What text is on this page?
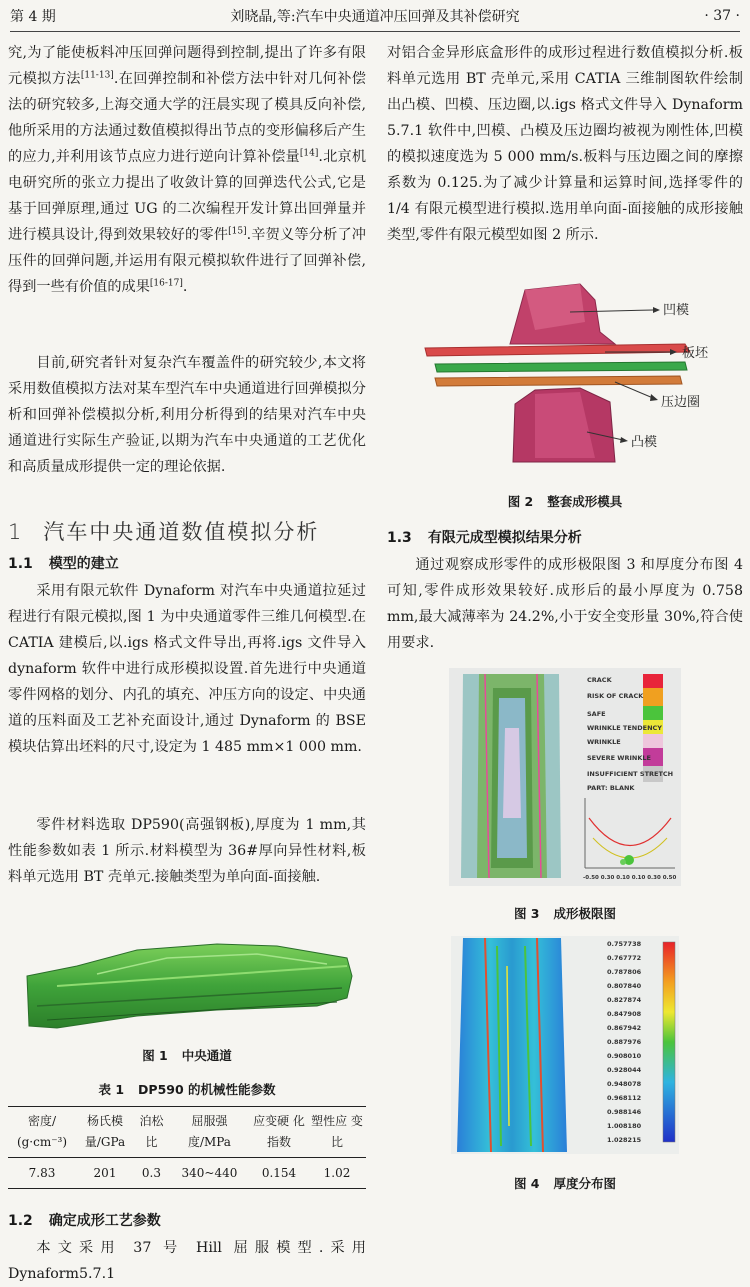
第 4 期	刘晓晶,等:汽车中央通道冲压回弹及其补偿研究	· 37 ·

究,为了能使板料冲压回弹问题得到控制,提出了许多有限元模拟方法[11-13].在回弹控制和补偿方法中针对几何补偿法的研究较多,上海交通大学的汪晨实现了模具反向补偿,他所采用的方法通过数值模拟得出节点的变形偏移后产生的应力,并利用该节点应力进行逆向计算补偿量[14].北京机电研究所的张立力提出了收敛计算的回弹迭代公式,它是基于回弹原理,通过 UG 的二次编程开发计算出回弹量并进行模具设计,得到效果较好的零件[15].辛贺义等分析了冲压件的回弹问题,并运用有限元模拟软件进行了回弹补偿,得到一些有价值的成果[16-17].

目前,研究者针对复杂汽车覆盖件的研究较少,本文将采用数值模拟方法对某车型汽车中央通道进行回弹模拟分析和回弹补偿模拟分析,利用分析得到的结果对汽车中央通道进行实际生产验证,以期为汽车中央通道的工艺优化和高质量成形提供一定的理论依据.

1 汽车中央通道数值模拟分析
1.1 模型的建立

采用有限元软件 Dynaform 对汽车中央通道拉延过程进行有限元模拟,图 1 为中央通道零件三维几何模型.在 CATIA 建模后,以.igs 格式文件导出,再将.igs 文件导入 dynaform 软件中进行成形模拟设置.首先进行中央通道零件网格的划分、内孔的填充、冲压方向的设定、中央通道的压料面及工艺补充面设计,通过 Dynaform 的 BSE 模块估算出坯料的尺寸,设定为 1 485 mm×1 000 mm.

零件材料选取 DP590(高强钢板),厚度为 1 mm,其性能参数如表 1 所示.材料模型为 36#厚向异性材料,板料单元选用 BT 壳单元.接触类型为单向面-面接触.

图 1 中央通道
表 1 DP590 的机械性能参数
密度/ (g·cm⁻³)	杨氏模 量/GPa	泊松比	屈服强 度/MPa	应变硬 化指数	塑性应 变比
7.83	201	0.3	340~440	0.154	1.02
1.2 确定成形工艺参数

本文采用 37 号 Hill 屈服模型.采用 Dynaform5.7.1

对铝合金异形底盒形件的成形过程进行数值模拟分析.板料单元选用 BT 壳单元,采用 CATIA 三维制图软件绘制出凸模、凹模、压边圈,以.igs 格式文件导入 Dynaform 5.7.1 软件中,凹模、凸模及压边圈均被视为刚性体,凹模的模拟速度选为 5 000 mm/s.板料与压边圈之间的摩擦系数为 0.125.为了减少计算量和运算时间,选择零件的 1/4 有限元模型进行模拟.选用单向面-面接触的成形接触类型,零件有限元模型如图 2 所示.

凹模
板坯
压边圈
凸模
图 2 整套成形模具
1.3 有限元成型模拟结果分析

通过观察成形零件的成形极限图 3 和厚度分布图 4 可知,零件成形效果较好.成形后的最小厚度为 0.758 mm,最大减薄率为 24.2%,小于安全变形量 30%,符合使用要求.

CRACK
RISK OF CRACK
SAFE
WRINKLE TENDENCY
WRINKLE
SEVERE WRINKLE
INSUFFICIENT STRETCH
PART: BLANK
-0.50 0.30 0.10 0.10 0.30 0.50
图 3 成形极限图
0.757738
0.767772
0.787806
0.807840
0.827874
0.847908
0.867942
0.887976
0.908010
0.928044
0.948078
0.968112
0.988146
1.008180
1.028215
图 4 厚度分布图
